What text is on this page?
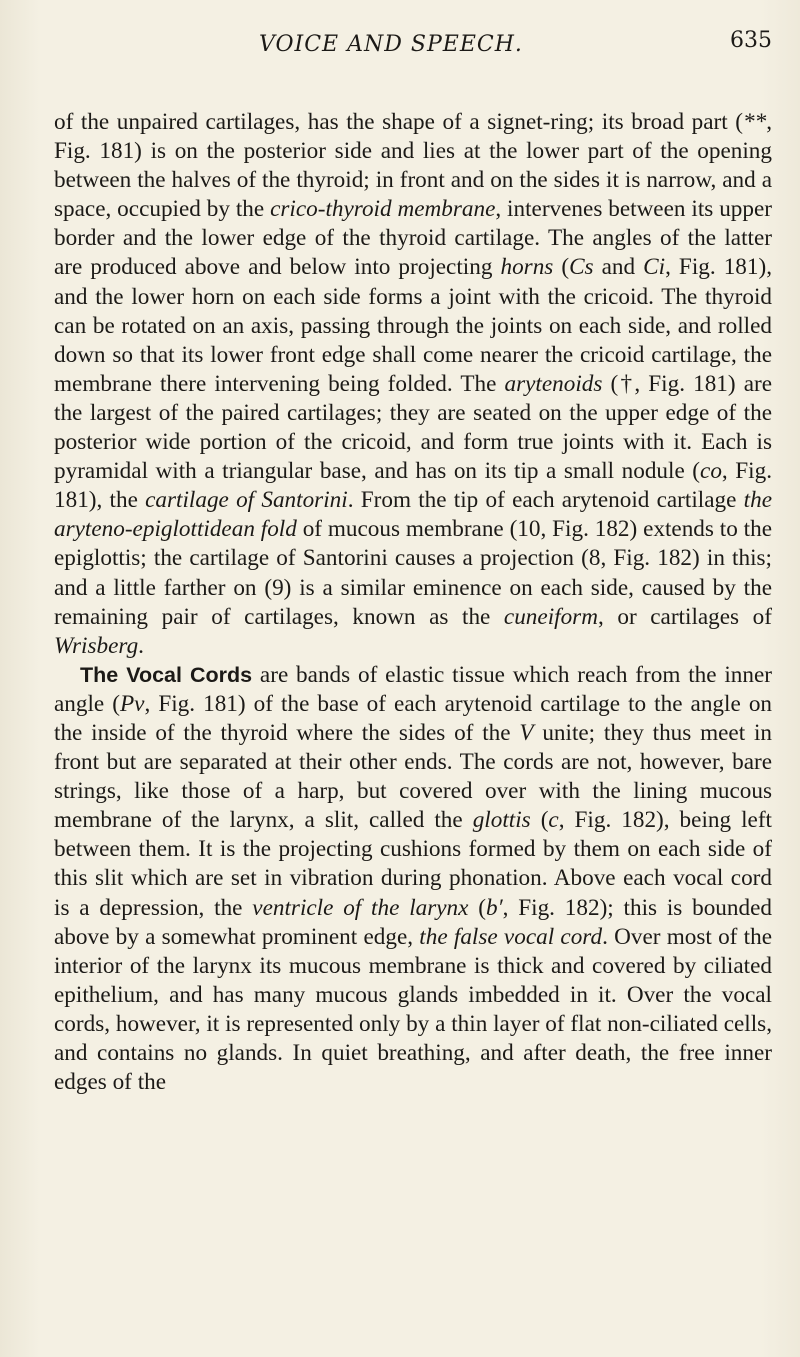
VOICE AND SPEECH.	635

of the unpaired cartilages, has the shape of a signet-ring; its broad part (**, Fig. 181) is on the posterior side and lies at the lower part of the opening between the halves of the thyroid; in front and on the sides it is narrow, and a space, occupied by the crico-thyroid membrane, intervenes between its upper border and the lower edge of the thyroid cartilage. The angles of the latter are produced above and below into projecting horns (Cs and Ci, Fig. 181), and the lower horn on each side forms a joint with the cricoid. The thyroid can be rotated on an axis, passing through the joints on each side, and rolled down so that its lower front edge shall come nearer the cricoid cartilage, the membrane there intervening being folded. The arytenoids (†, Fig. 181) are the largest of the paired cartilages; they are seated on the upper edge of the posterior wide portion of the cricoid, and form true joints with it. Each is pyramidal with a triangular base, and has on its tip a small nodule (co, Fig. 181), the cartilage of Santorini. From the tip of each arytenoid cartilage the aryteno-epiglottidean fold of mucous membrane (10, Fig. 182) extends to the epiglottis; the cartilage of Santorini causes a projection (8, Fig. 182) in this; and a little farther on (9) is a similar eminence on each side, caused by the remaining pair of cartilages, known as the cuneiform, or cartilages of Wrisberg.

The Vocal Cords are bands of elastic tissue which reach from the inner angle (Pv, Fig. 181) of the base of each arytenoid cartilage to the angle on the inside of the thyroid where the sides of the V unite; they thus meet in front but are separated at their other ends. The cords are not, however, bare strings, like those of a harp, but covered over with the lining mucous membrane of the larynx, a slit, called the glottis (c, Fig. 182), being left between them. It is the projecting cushions formed by them on each side of this slit which are set in vibration during phonation. Above each vocal cord is a depression, the ventricle of the larynx (b′, Fig. 182); this is bounded above by a somewhat prominent edge, the false vocal cord. Over most of the interior of the larynx its mucous membrane is thick and covered by ciliated epithelium, and has many mucous glands imbedded in it. Over the vocal cords, however, it is represented only by a thin layer of flat non-ciliated cells, and contains no glands. In quiet breathing, and after death, the free inner edges of the
